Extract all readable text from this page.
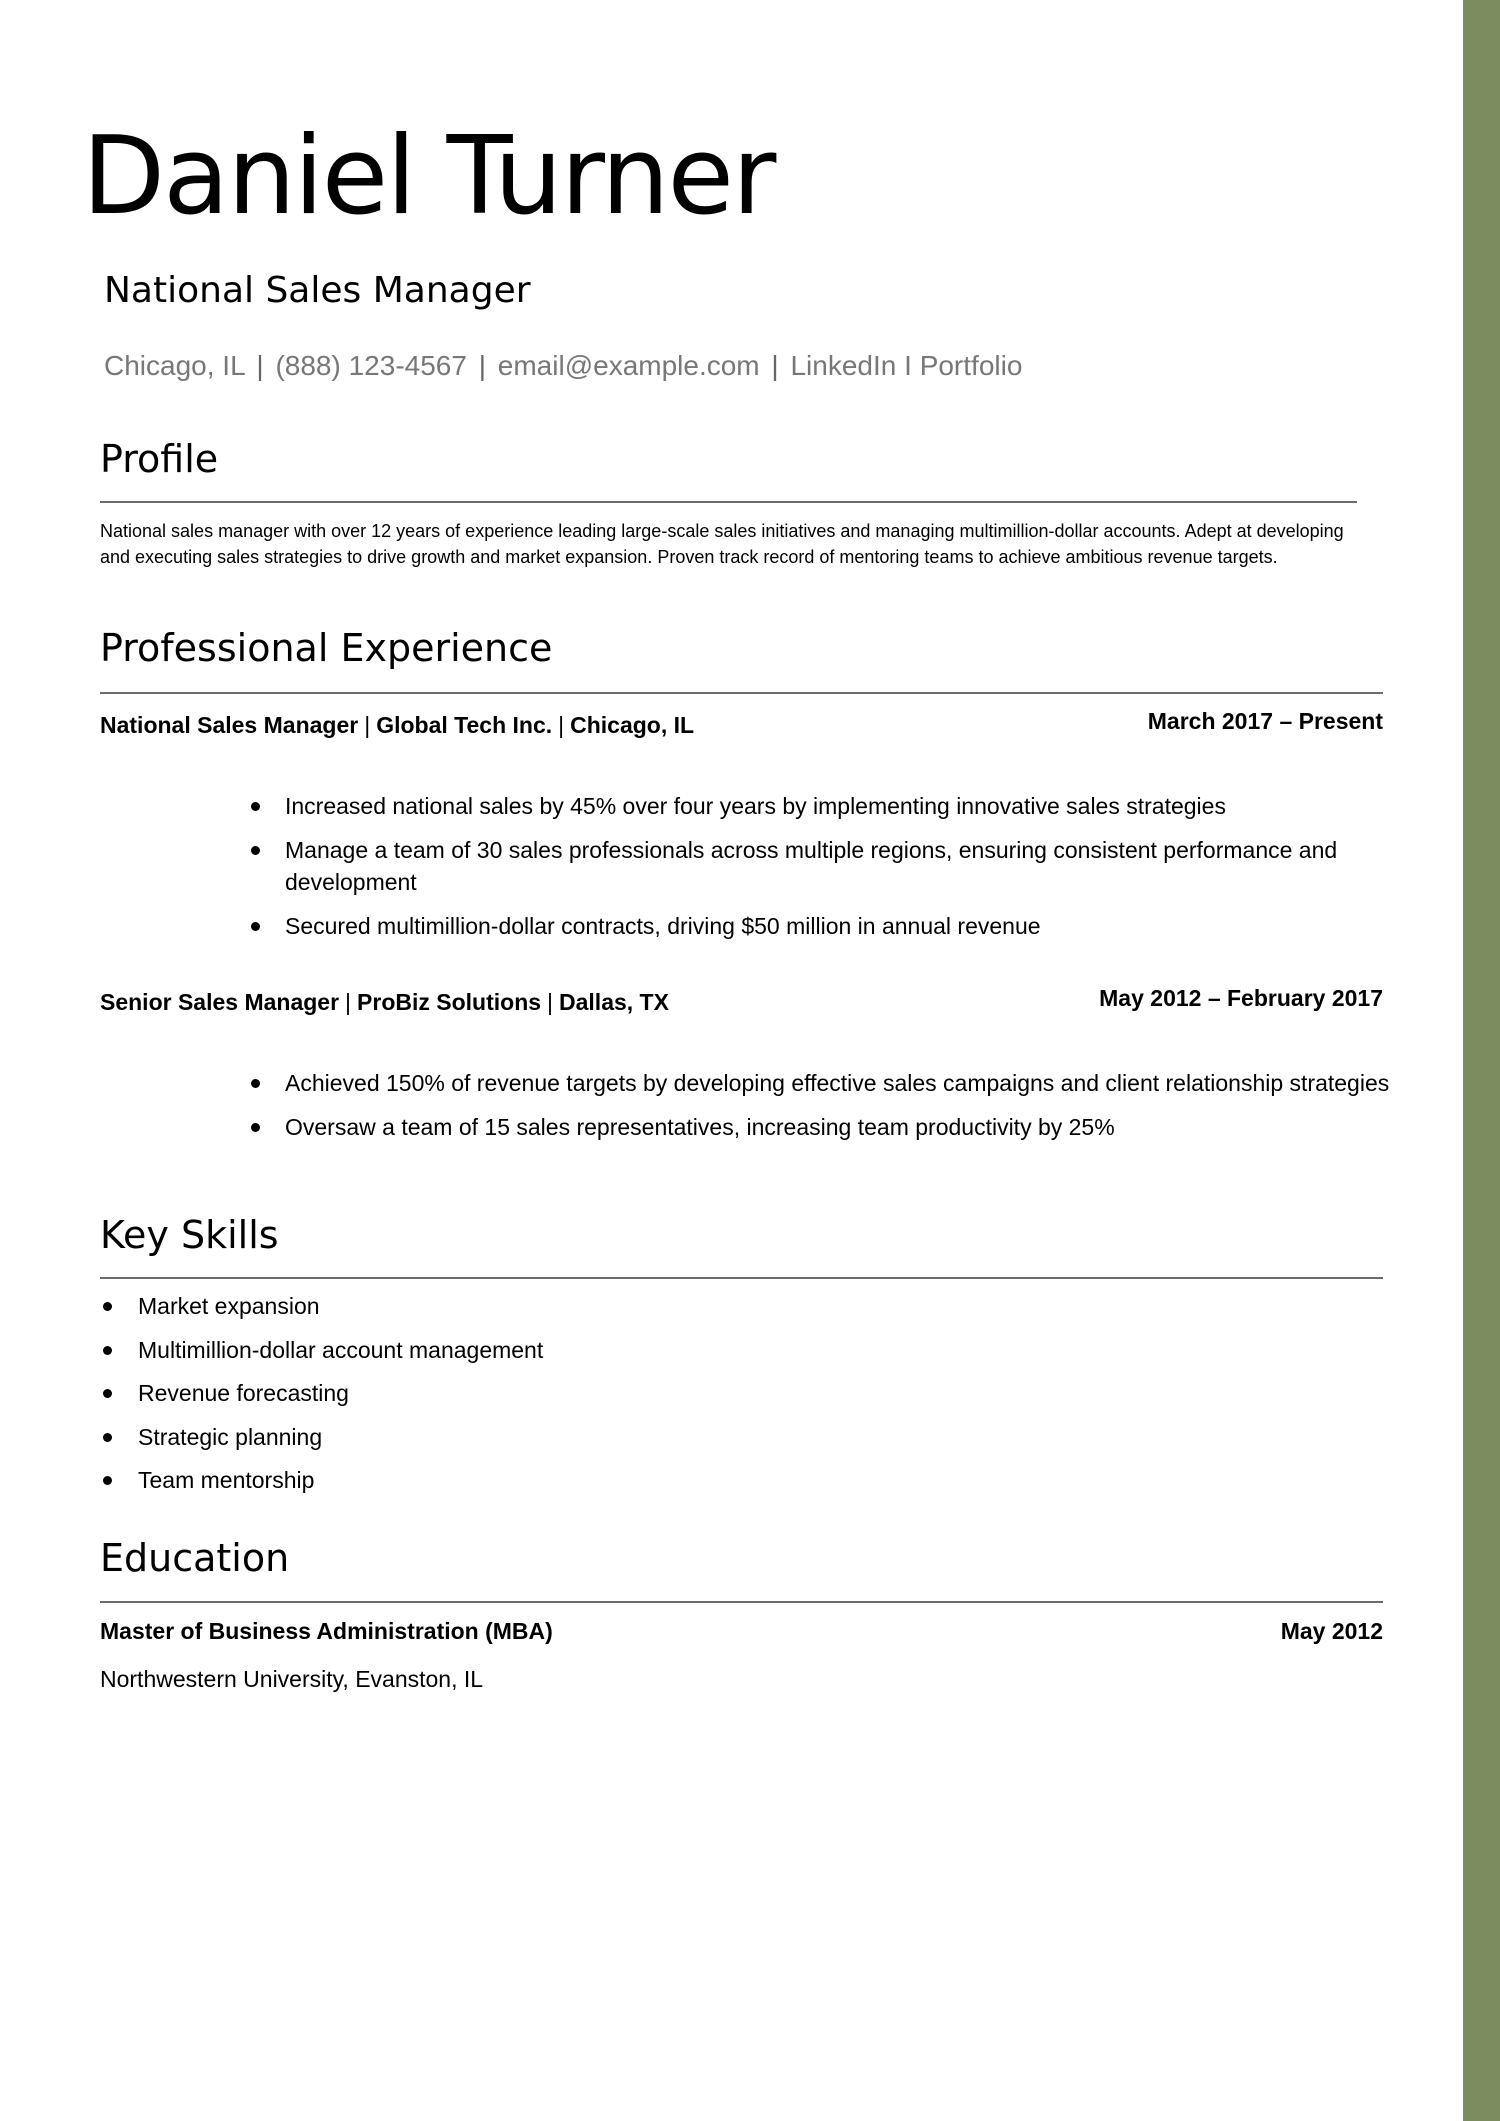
Daniel Turner
National Sales Manager
Chicago, IL | (888) 123-4567 | email@example.com | LinkedIn I Portfolio
Profile

National sales manager with over 12 years of experience leading large-scale sales initiatives and managing multimillion-dollar accounts. Adept at developing and executing sales strategies to drive growth and market expansion. Proven track record of mentoring teams to achieve ambitious revenue targets.

Professional Experience
National Sales Manager | Global Tech Inc. | Chicago, IL	March 2017 – Present
Increased national sales by 45% over four years by implementing innovative sales strategies
Manage a team of 30 sales professionals across multiple regions, ensuring consistent performance and development
Secured multimillion-dollar contracts, driving $50 million in annual revenue
Senior Sales Manager | ProBiz Solutions | Dallas, TX	May 2012 – February 2017
Achieved 150% of revenue targets by developing effective sales campaigns and client relationship strategies
Oversaw a team of 15 sales representatives, increasing team productivity by 25%
Key Skills
Market expansion
Multimillion-dollar account management
Revenue forecasting
Strategic planning
Team mentorship
Education
Master of Business Administration (MBA)	May 2012
Northwestern University, Evanston, IL
